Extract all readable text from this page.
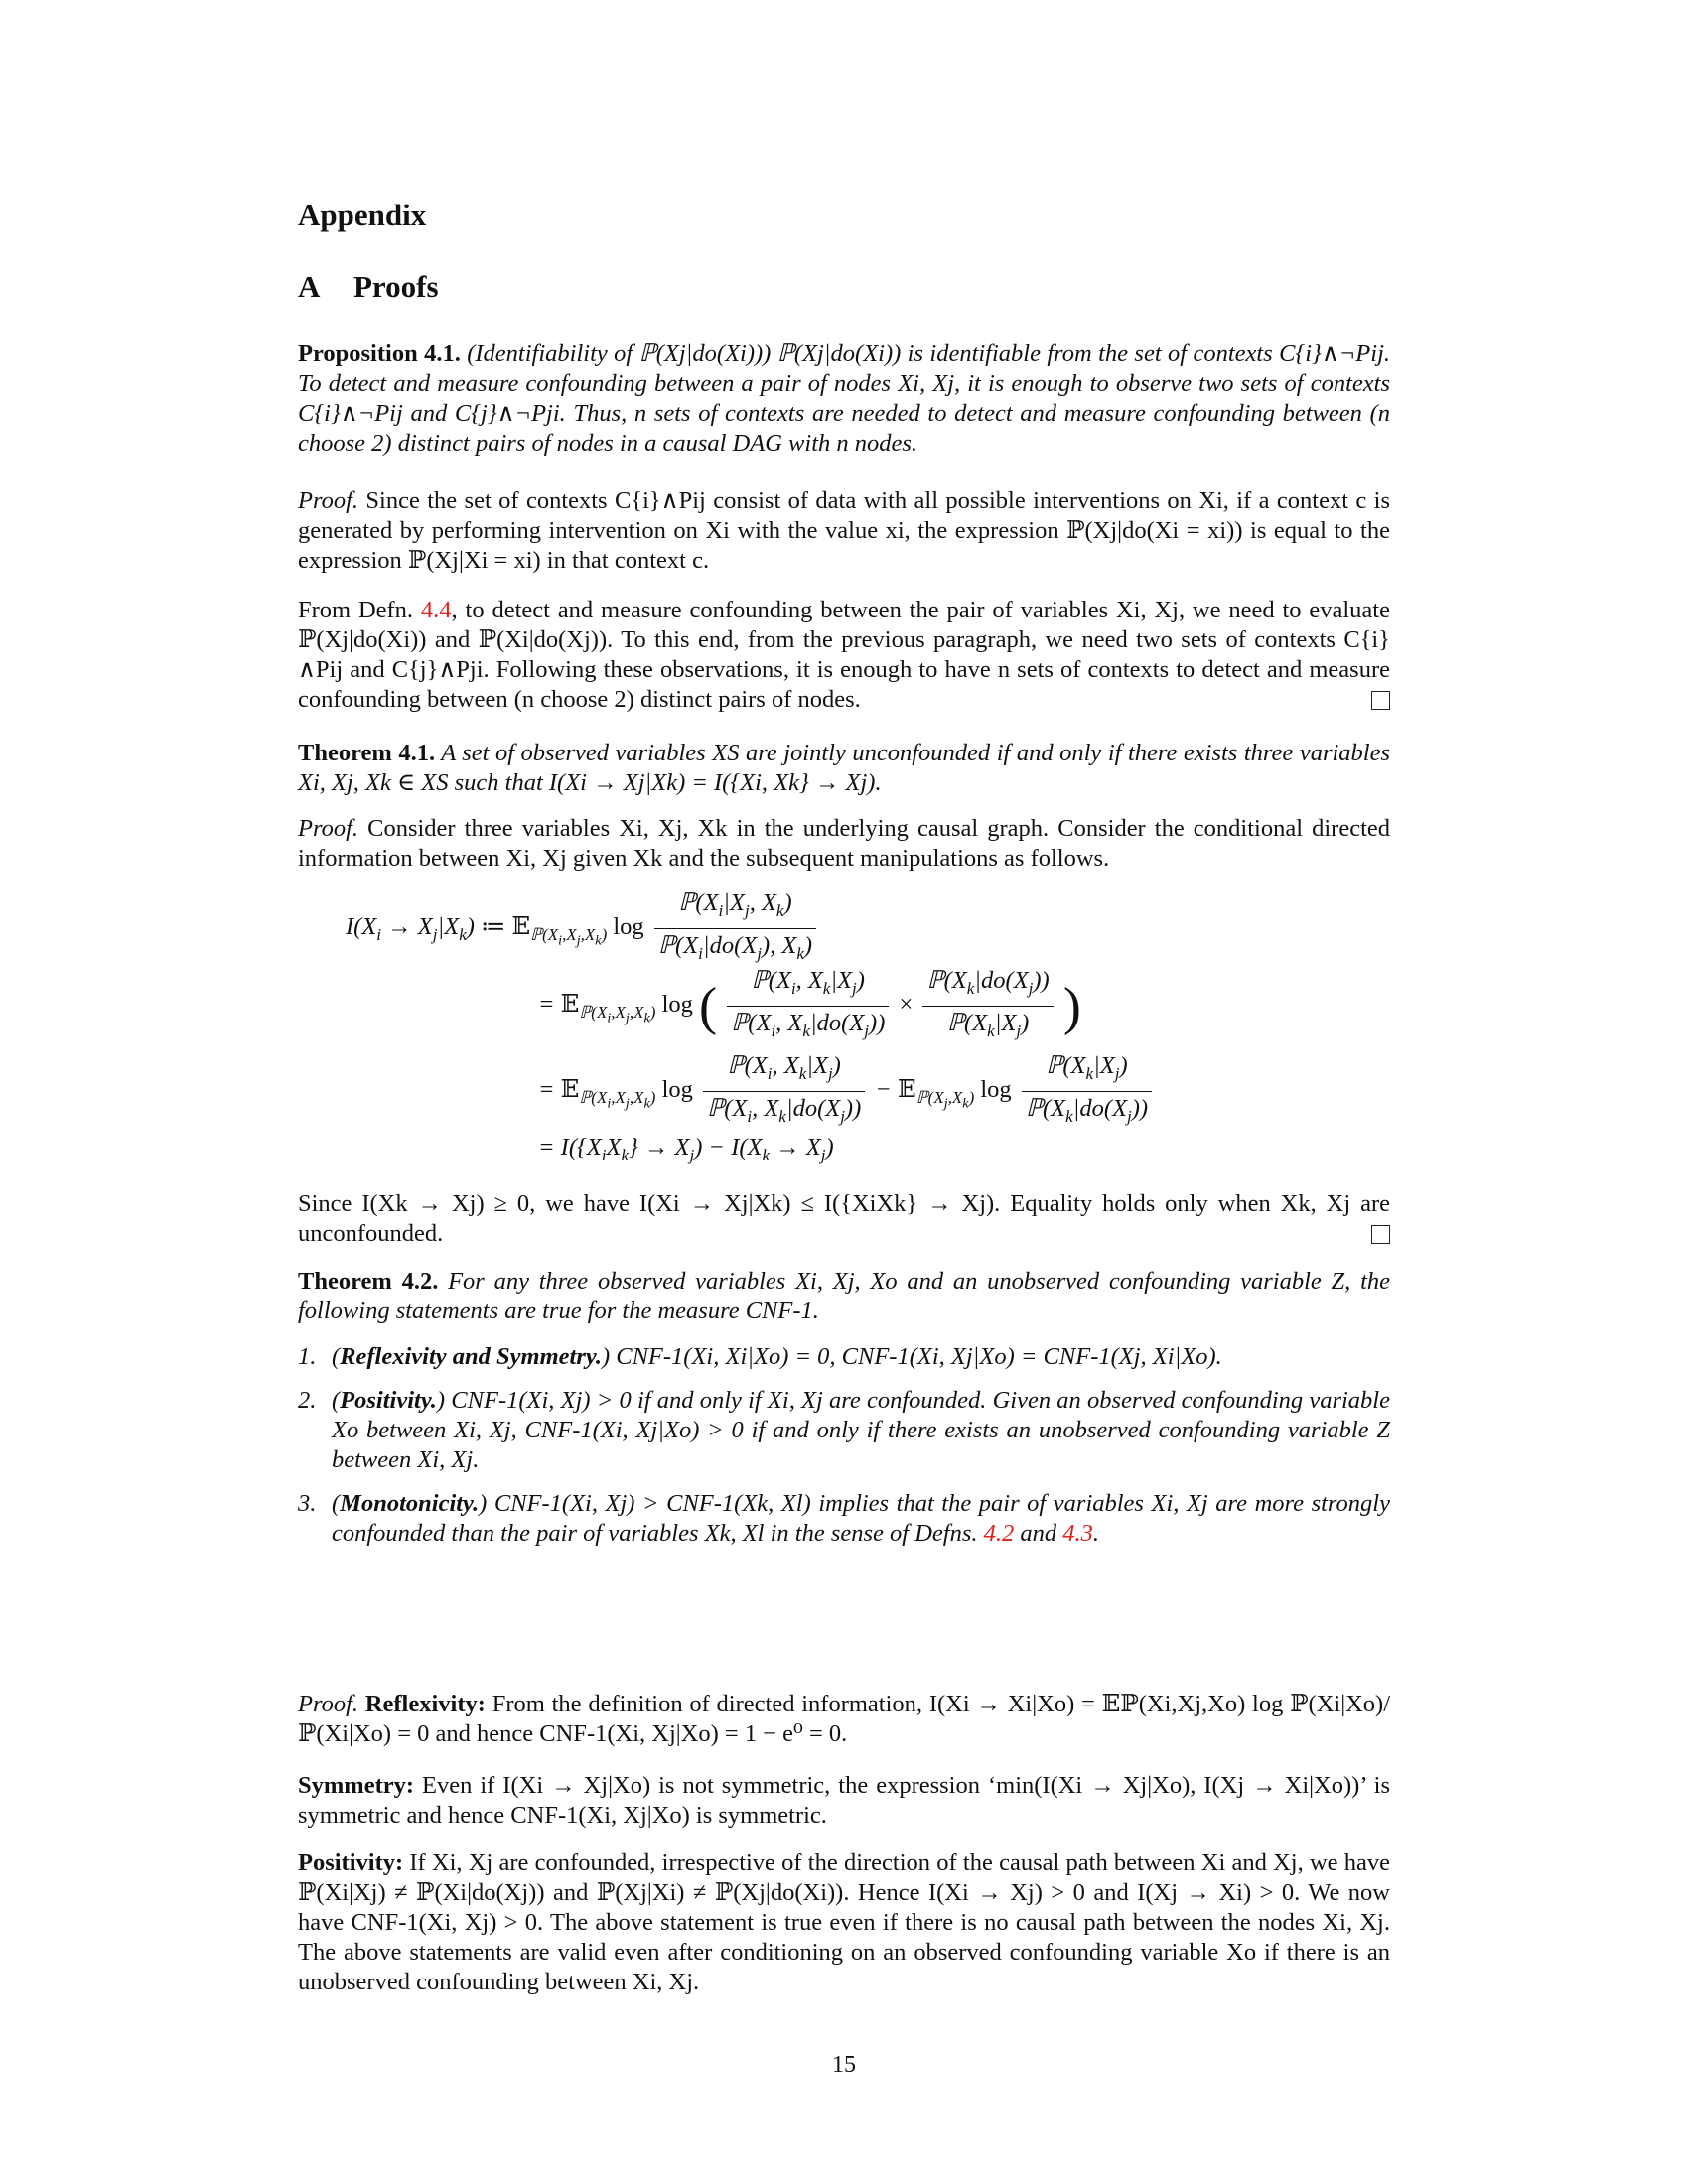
Appendix
A Proofs
Proposition 4.1. (Identifiability of ℙ(Xj|do(Xi))) ℙ(Xj|do(Xi)) is identifiable from the set of contexts C{i}∧¬Pij. To detect and measure confounding between a pair of nodes Xi, Xj, it is enough to observe two sets of contexts C{i}∧¬Pij and C{j}∧¬Pji. Thus, n sets of contexts are needed to detect and measure confounding between (n choose 2) distinct pairs of nodes in a causal DAG with n nodes.
Proof. Since the set of contexts C{i}∧Pij consist of data with all possible interventions on Xi, if a context c is generated by performing intervention on Xi with the value xi, the expression ℙ(Xj|do(Xi = xi)) is equal to the expression ℙ(Xj|Xi = xi) in that context c.
From Defn. 4.4, to detect and measure confounding between the pair of variables Xi, Xj, we need to evaluate ℙ(Xj|do(Xi)) and ℙ(Xi|do(Xj)). To this end, from the previous paragraph, we need two sets of contexts C{i}∧Pij and C{j}∧Pji. Following these observations, it is enough to have n sets of contexts to detect and measure confounding between (n choose 2) distinct pairs of nodes.
Theorem 4.1. A set of observed variables XS are jointly unconfounded if and only if there exists three variables Xi, Xj, Xk ∈ XS such that I(Xi → Xj|Xk) = I({Xi, Xk} → Xj).
Proof. Consider three variables Xi, Xj, Xk in the underlying causal graph. Consider the conditional directed information between Xi, Xj given Xk and the subsequent manipulations as follows.
$I(X_i \to X_j|X_k)$ ≔ 𝔼$_{ℙ(X_i,X_j,X_k)}$ $\log \frac{ℙ(X_i|X_j, X_k)}{ℙ(X_i|do(X_j), X_k)}$
= 𝔼$_{ℙ(X_i,X_j,X_k)}$ log ( $\frac{ℙ(X_i, X_k|X_j)}{ℙ(X_i, X_k|do(X_j))} \times \frac{ℙ(X_k|do(X_j))}{ℙ(X_k|X_j)}$ )
= 𝔼$_{ℙ(X_i,X_j,X_k)}$ $\log \frac{ℙ(X_i, X_k|X_j)}{ℙ(X_i, X_k|do(X_j))}$ − 𝔼$_{ℙ(X_j,X_k)}$ $\log \frac{ℙ(X_k|X_j)}{ℙ(X_k|do(X_j))}$
= $I(\{X_iX_k\} \to X_j) - I(X_k \to X_j)$
Since I(Xk → Xj) ≥ 0, we have I(Xi → Xj|Xk) ≤ I({XiXk} → Xj). Equality holds only when Xk, Xj are unconfounded.
Theorem 4.2. For any three observed variables Xi, Xj, Xo and an unobserved confounding variable Z, the following statements are true for the measure CNF-1.
1. (Reflexivity and Symmetry.) CNF-1(Xi, Xi|Xo) = 0, CNF-1(Xi, Xj|Xo) = CNF-1(Xj, Xi|Xo).
2. (Positivity.) CNF-1(Xi, Xj) > 0 if and only if Xi, Xj are confounded. Given an observed confounding variable Xo between Xi, Xj, CNF-1(Xi, Xj|Xo) > 0 if and only if there exists an unobserved confounding variable Z between Xi, Xj.
3. (Monotonicity.) CNF-1(Xi, Xj) > CNF-1(Xk, Xl) implies that the pair of variables Xi, Xj are more strongly confounded than the pair of variables Xk, Xl in the sense of Defns. 4.2 and 4.3.
Proof. Reflexivity: From the definition of directed information, I(Xi → Xi|Xo) = 𝔼ℙ(Xi,Xj,Xo) log ℙ(Xi|Xo)/ℙ(Xi|Xo) = 0 and hence CNF-1(Xi, Xj|Xo) = 1 − e⁰ = 0.
Symmetry: Even if I(Xi → Xj|Xo) is not symmetric, the expression ‘min(I(Xi → Xj|Xo), I(Xj → Xi|Xo))’ is symmetric and hence CNF-1(Xi, Xj|Xo) is symmetric.
Positivity: If Xi, Xj are confounded, irrespective of the direction of the causal path between Xi and Xj, we have ℙ(Xi|Xj) ≠ ℙ(Xi|do(Xj)) and ℙ(Xj|Xi) ≠ ℙ(Xj|do(Xi)). Hence I(Xi → Xj) > 0 and I(Xj → Xi) > 0. We now have CNF-1(Xi, Xj) > 0. The above statement is true even if there is no causal path between the nodes Xi, Xj. The above statements are valid even after conditioning on an observed confounding variable Xo if there is an unobserved confounding between Xi, Xj.
15
